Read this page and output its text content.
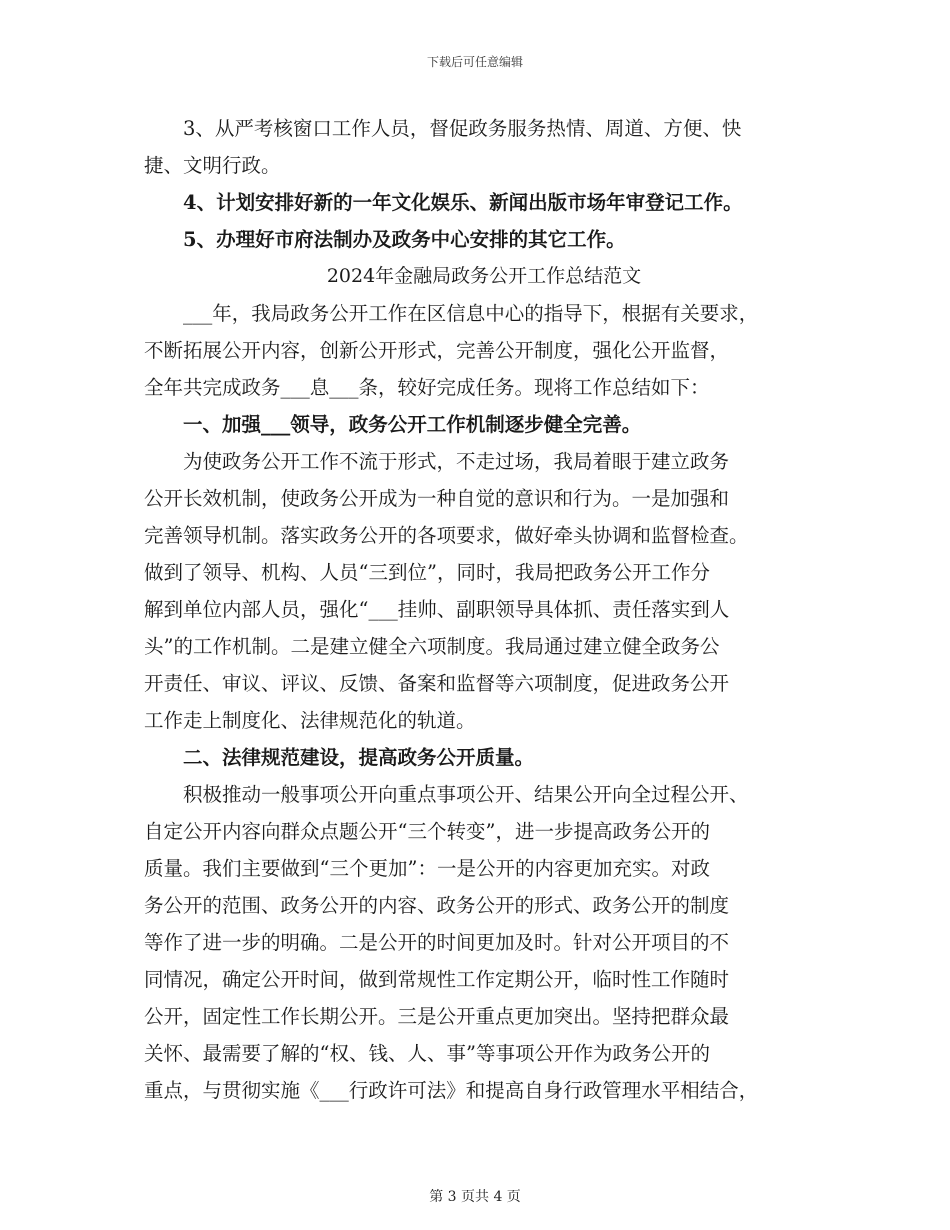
下载后可任意编辑
　　3、从严考核窗口工作人员，督促政务服务热情、周道、方便、快
捷、文明行政。
　　4、计划安排好新的一年文化娱乐、新闻出版市场年审登记工作。
　　5、办理好市府法制办及政务中心安排的其它工作。
2024年金融局政务公开工作总结范文
　　___年，我局政务公开工作在区信息中心的指导下，根据有关要求，
不断拓展公开内容，创新公开形式，完善公开制度，强化公开监督，
全年共完成政务___息___条，较好完成任务。现将工作总结如下：
　　一、加强___领导，政务公开工作机制逐步健全完善。
　　为使政务公开工作不流于形式，不走过场，我局着眼于建立政务
公开长效机制，使政务公开成为一种自觉的意识和行为。一是加强和
完善领导机制。落实政务公开的各项要求，做好牵头协调和监督检查。
做到了领导、机构、人员“三到位”，同时，我局把政务公开工作分
解到单位内部人员，强化“___挂帅、副职领导具体抓、责任落实到人
头”的工作机制。二是建立健全六项制度。我局通过建立健全政务公
开责任、审议、评议、反馈、备案和监督等六项制度，促进政务公开
工作走上制度化、法律规范化的轨道。
　　二、法律规范建设，提高政务公开质量。
　　积极推动一般事项公开向重点事项公开、结果公开向全过程公开、
自定公开内容向群众点题公开“三个转变”，进一步提高政务公开的
质量。我们主要做到“三个更加”：一是公开的内容更加充实。对政
务公开的范围、政务公开的内容、政务公开的形式、政务公开的制度
等作了进一步的明确。二是公开的时间更加及时。针对公开项目的不
同情况，确定公开时间，做到常规性工作定期公开，临时性工作随时
公开，固定性工作长期公开。三是公开重点更加突出。坚持把群众最
关怀、最需要了解的“权、钱、人、事”等事项公开作为政务公开的
重点，与贯彻实施《___行政许可法》和提高自身行政管理水平相结合，
第 3 页共 4 页
